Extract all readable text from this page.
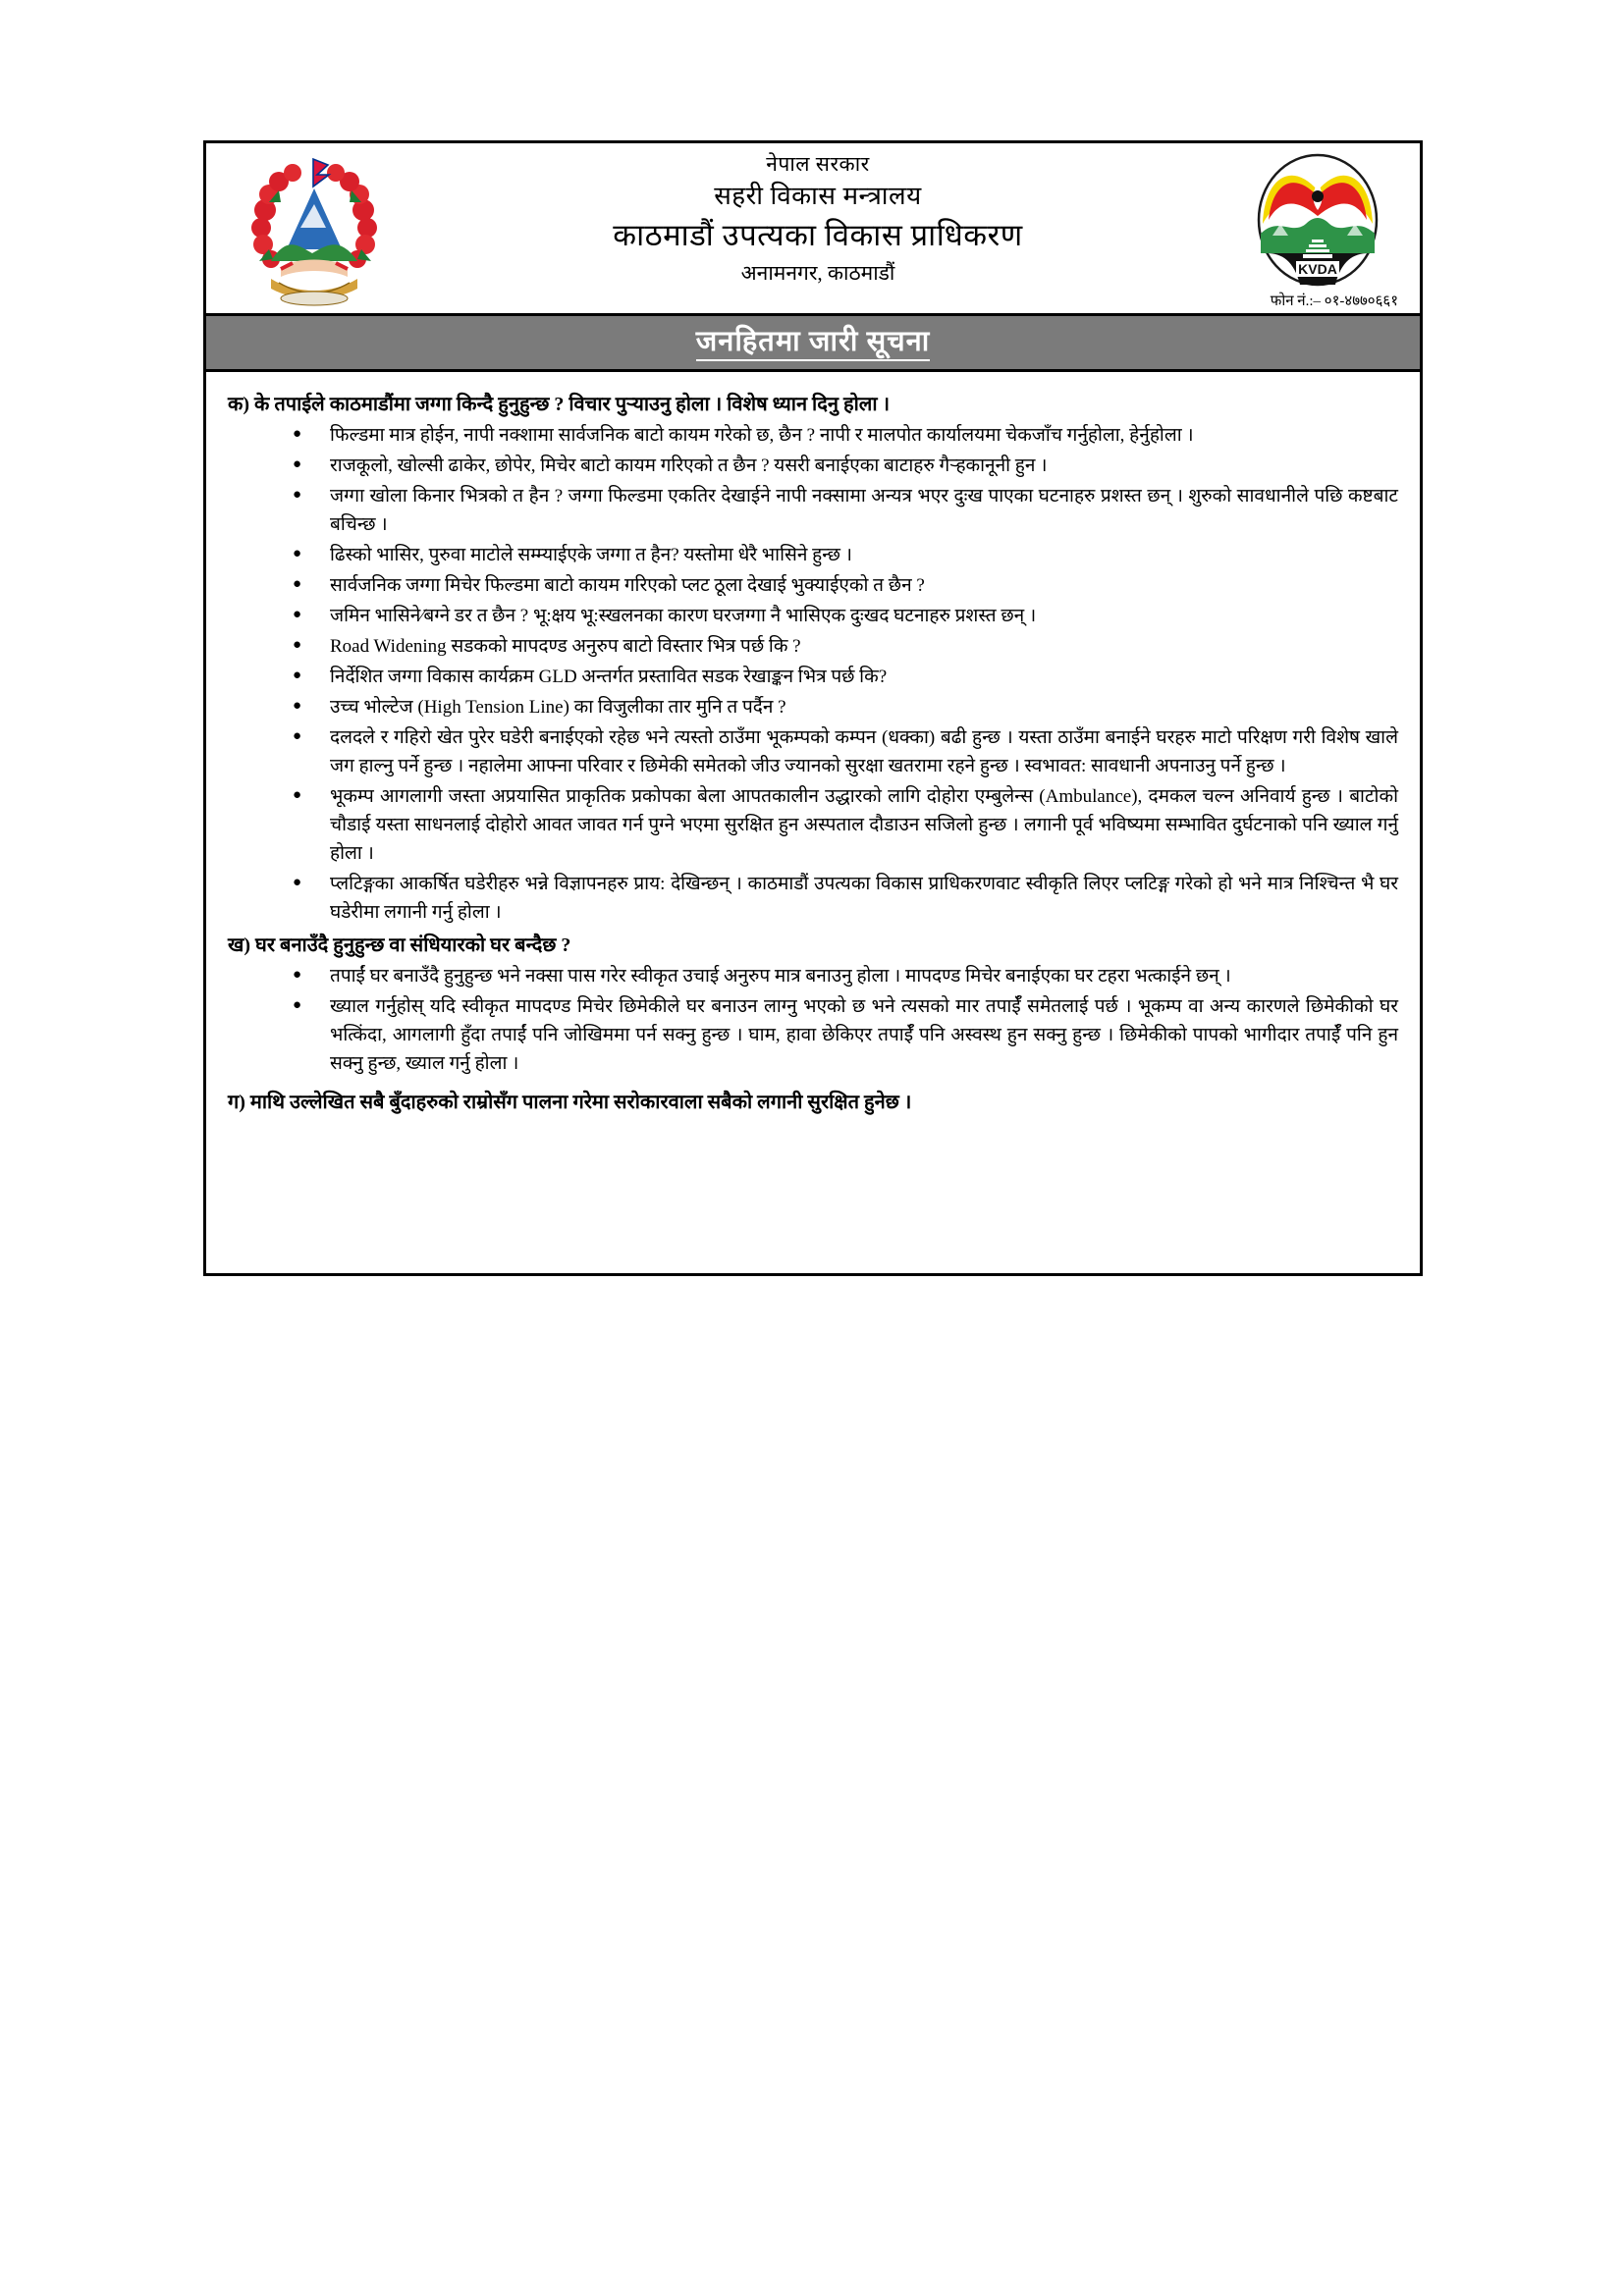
नेपाल सरकार
सहरी विकास मन्त्रालय
काठमाडौं उपत्यका विकास प्राधिकरण
अनामनगर, काठमाडौं	KVDA
फोन नं.:– ०१-४७७०६६१
जनहितमा जारी सूचना
क) के तपाईले काठमाडौंमा जग्गा किन्दै हुनुहुन्छ ? विचार पुऱ्याउनु होला । विशेष ध्यान दिनु होला ।
● फिल्डमा मात्र होईन, नापी नक्शामा सार्वजनिक बाटो कायम गरेको छ, छैन ? नापी र मालपोत कार्यालयमा चेकजाँच गर्नुहोला, हेर्नुहोला ।
● राजकूलो, खोल्सी ढाकेर, छोपेर, मिचेर बाटो कायम गरिएको त छैन ? यसरी बनाईएका बाटाहरु गैऱ्हकानूनी हुन ।
● जग्गा खोला किनार भित्रको त हैन ? जग्गा फिल्डमा एकतिर देखाईने नापी नक्सामा अन्यत्र भएर दुःख पाएका घटनाहरु प्रशस्त छन् । शुरुको सावधानीले पछि कष्टबाट बचिन्छ ।
● ढिस्को भासिर, पुरुवा माटोले सम्म्याईएके जग्गा त हैन? यस्तोमा धेरै भासिने हुन्छ ।
● सार्वजनिक जग्गा मिचेर फिल्डमा बाटो कायम गरिएको प्लट ठूला देखाई भुक्याईएको त छैन ?
● जमिन भासिने⁄बग्ने डर त छैन ? भू:क्षय भू:स्खलनका कारण घरजग्गा नै भासिएक दुःखद घटनाहरु प्रशस्त छन् ।
● Road Widening सडकको मापदण्ड अनुरुप बाटो विस्तार भित्र पर्छ कि ?
● निर्देशित जग्गा विकास कार्यक्रम GLD अन्तर्गत प्रस्तावित सडक रेखाङ्कन भित्र पर्छ कि?
● उच्च भोल्टेज (High Tension Line) का विजुलीका तार मुनि त पर्दैन ?
● दलदले र गहिरो खेत पुरेर घडेरी बनाईएको रहेछ भने त्यस्तो ठाउँमा भूकम्पको कम्पन (धक्का) बढी हुन्छ । यस्ता ठाउँमा बनाईने घरहरु माटो परिक्षण गरी विशेष खाले जग हाल्नु पर्ने हुन्छ । नहालेमा आफ्ना परिवार र छिमेकी समेतको जीउ ज्यानको सुरक्षा खतरामा रहने हुन्छ । स्वभावत: सावधानी अपनाउनु पर्ने हुन्छ ।
● भूकम्प आगलागी जस्ता अप्रयासित प्राकृतिक प्रकोपका बेला आपतकालीन उद्धारको लागि दोहोरा एम्बुलेन्स (Ambulance), दमकल चल्न अनिवार्य हुन्छ । बाटोको चौडाई यस्ता साधनलाई दोहोरो आवत जावत गर्न पुग्ने भएमा सुरक्षित हुन अस्पताल दौडाउन सजिलो हुन्छ । लगानी पूर्व भविष्यमा सम्भावित दुर्घटनाको पनि ख्याल गर्नु होला ।
● प्लटिङ्गका आकर्षित घडेरीहरु भन्ने विज्ञापनहरु प्राय: देखिन्छन् । काठमाडौं उपत्यका विकास प्राधिकरणवाट स्वीकृति लिएर प्लटिङ्ग गरेको हो भने मात्र निश्चिन्त भै घर घडेरीमा लगानी गर्नु होला ।
ख) घर बनाउँदै हुनुहुन्छ वा संधियारको घर बन्दैछ ?
● तपाईं घर बनाउँदै हुनुहुन्छ भने नक्सा पास गरेर स्वीकृत उचाई अनुरुप मात्र बनाउनु होला । मापदण्ड मिचेर बनाईएका घर टहरा भत्काईने छन् ।
● ख्याल गर्नुहोस् यदि स्वीकृत मापदण्ड मिचेर छिमेकीले घर बनाउन लाग्नु भएको छ भने त्यसको मार तपाईँ समेतलाई पर्छ । भूकम्प वा अन्य कारणले छिमेकीको घर भत्किंदा, आगलागी हुँदा तपाईं पनि जोखिममा पर्न सक्नु हुन्छ । घाम, हावा छेकिएर तपाईँ पनि अस्वस्थ हुन सक्नु हुन्छ । छिमेकीको पापको भागीदार तपाईँ पनि हुन सक्नु हुन्छ, ख्याल गर्नु होला ।
ग) माथि उल्लेखित सबै बुँदाहरुको राम्रोसँग पालना गरेमा सरोकारवाला सबैको लगानी सुरक्षित हुनेछ ।
